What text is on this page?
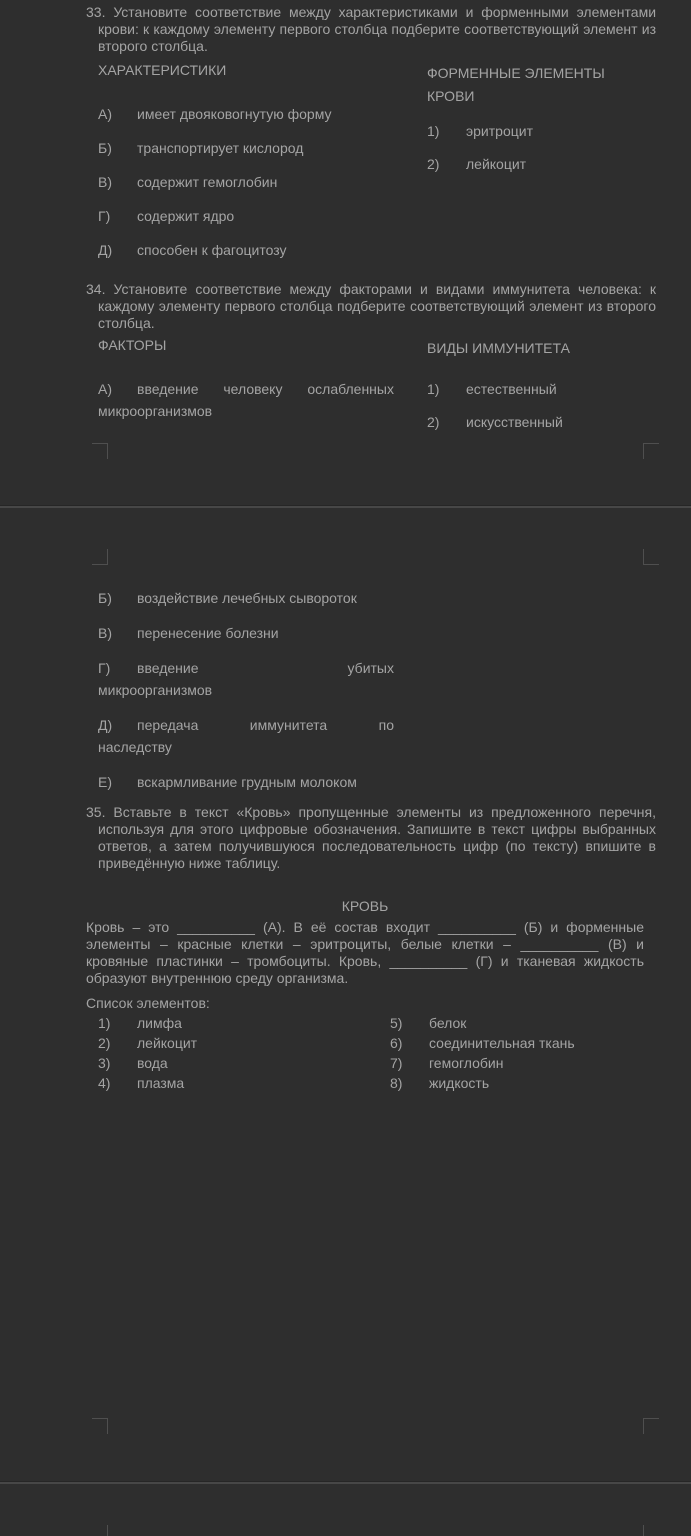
33. Установите соответствие между характеристиками и форменными элементами крови: к каждому элементу первого столбца подберите соответствующий элемент из второго столбца.
ХАРАКТЕРИСТИКИ
А) имеет двояковогнутую форму
Б) транспортирует кислород
В) содержит гемоглобин
Г) содержит ядро
Д) способен к фагоцитозу
ФОРМЕННЫЕ ЭЛЕМЕНТЫ КРОВИ
1) эритроцит
2) лейкоцит
34. Установите соответствие между факторами и видами иммунитета человека: к каждому элементу первого столбца подберите соответствующий элемент из второго столбца.
ФАКТОРЫ
А) введение человеку ослабленных
микроорганизмов
ВИДЫ ИММУНИТЕТА
1) естественный
2) искусственный
Б) воздействие лечебных сывороток
В) перенесение болезни
Г) введение	убитых
микроорганизмов
Д) передача	иммунитета	по
наследству
Е) вскармливание грудным молоком
35. Вставьте в текст «Кровь» пропущенные элементы из предложенного перечня, используя для этого цифровые обозначения. Запишите в текст цифры выбранных ответов, а затем получившуюся последовательность цифр (по тексту) впишите в приведённую ниже таблицу.
КРОВЬ
Кровь – это __________ (А). В её состав входит __________ (Б) и форменные элементы – красные клетки – эритроциты, белые клетки – __________ (В) и кровяные пластинки – тромбоциты. Кровь, __________ (Г) и тканевая жидкость образуют внутреннюю среду организма.
Список элементов:
1) лимфа
2) лейкоцит
3) вода
4) плазма
5) белок
6) соединительная ткань
7) гемоглобин
8) жидкость
